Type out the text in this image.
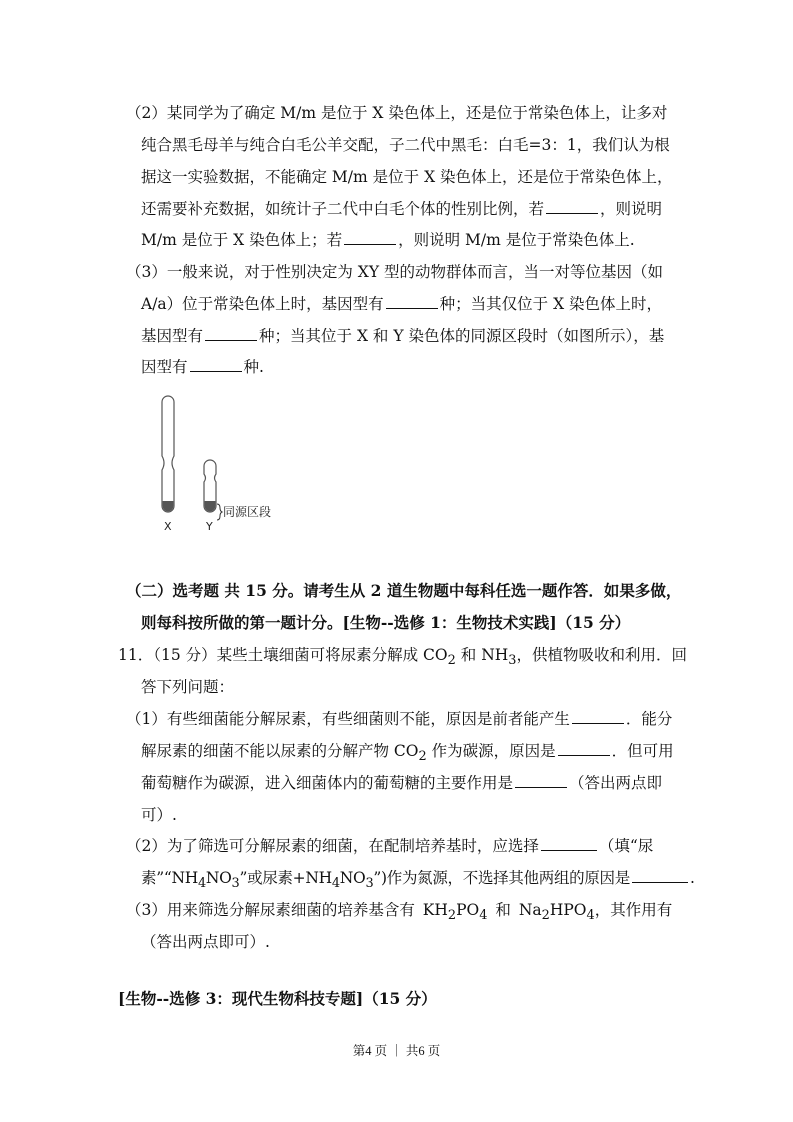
（2）某同学为了确定 M/m 是位于 X 染色体上，还是位于常染色体上，让多对
纯合黑毛母羊与纯合白毛公羊交配，子二代中黑毛：白毛=3：1，我们认为根
据这一实验数据，不能确定 M/m 是位于 X 染色体上，还是位于常染色体上，
还需要补充数据，如统计子二代中白毛个体的性别比例，若	，则说明
M/m 是位于 X 染色体上；若	，则说明 M/m 是位于常染色体上.
（3）一般来说，对于性别决定为 XY 型的动物群体而言，当一对等位基因（如
A/a）位于常染色体上时，基因型有	种；当其仅位于 X 染色体上时，
基因型有	种；当其位于 X 和 Y 染色体的同源区段时（如图所示），基
因型有	种.
同源区段
X	Y
（二）选考题 共 15 分。请考生从 2 道生物题中每科任选一题作答．如果多做，
则每科按所做的第一题计分。[生物--选修 1：生物技术实践]（15 分）
11．（15 分）某些土壤细菌可将尿素分解成 $CO_2$ 和 $NH_3$，供植物吸收和利用．回
答下列问题：
（1）有些细菌能分解尿素，有些细菌则不能，原因是前者能产生	．能分
解尿素的细菌不能以尿素的分解产物 $CO_2$ 作为碳源，原因是	．但可用
葡萄糖作为碳源，进入细菌体内的葡萄糖的主要作用是	（答出两点即
可）.
（2）为了筛选可分解尿素的细菌，在配制培养基时，应选择	（填“尿
素$”“NH_4NO_3$”或尿素$+NH_4NO_3$”)作为氮源，不选择其他两组的原因是	.
（3）用来筛选分解尿素细菌的培养基含有 $KH_2PO_4$ 和 $Na_2HPO_4$，其作用有
（答出两点即可）.
[生物--选修 3：现代生物科技专题]（15 分）
第4 页 ｜ 共6 页
